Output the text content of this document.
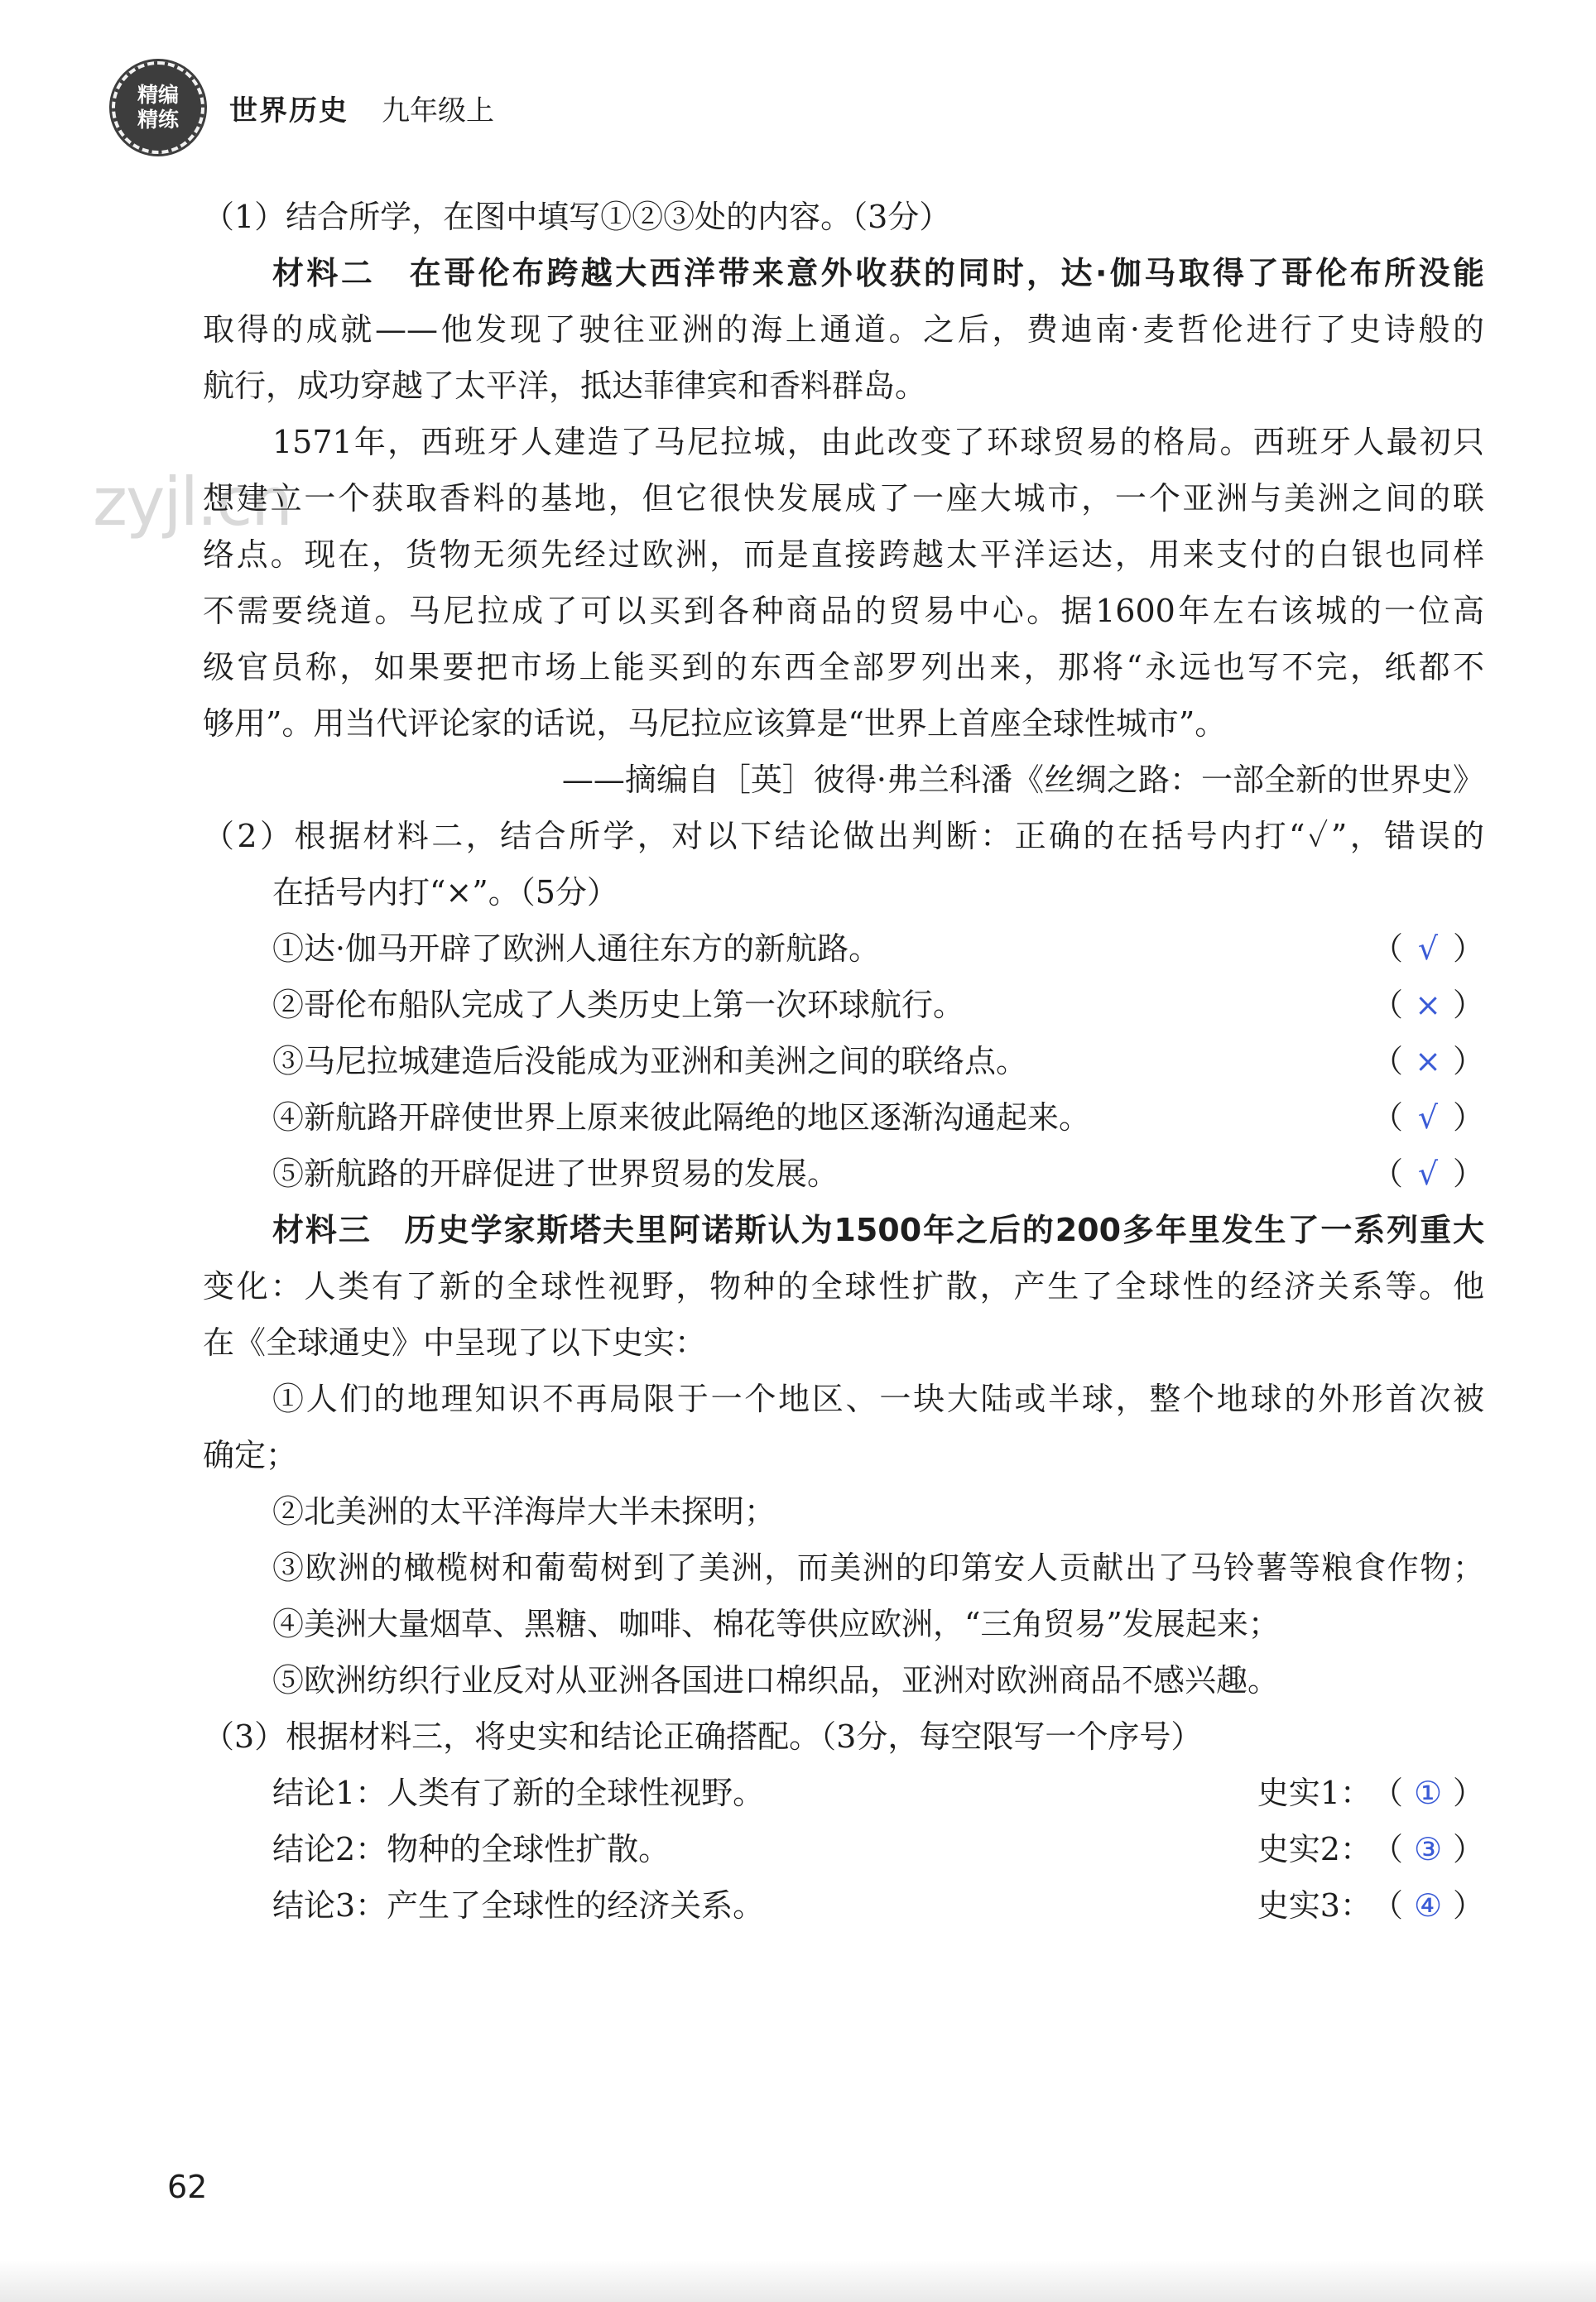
精编
精练 世界历史 九年级上
zyjl.cn
（1）结合所学，在图中填写①②③处的内容。（3分）
材料二　在哥伦布跨越大西洋带来意外收获的同时，达·伽马取得了哥伦布所没能
取得的成就——他发现了驶往亚洲的海上通道。之后，费迪南·麦哲伦进行了史诗般的
航行，成功穿越了太平洋，抵达菲律宾和香料群岛。
1571年，西班牙人建造了马尼拉城，由此改变了环球贸易的格局。西班牙人最初只
想建立一个获取香料的基地，但它很快发展成了一座大城市，一个亚洲与美洲之间的联
络点。现在，货物无须先经过欧洲，而是直接跨越太平洋运达，用来支付的白银也同样
不需要绕道。马尼拉成了可以买到各种商品的贸易中心。据1600年左右该城的一位高
级官员称，如果要把市场上能买到的东西全部罗列出来，那将“永远也写不完，纸都不
够用”。用当代评论家的话说，马尼拉应该算是“世界上首座全球性城市”。
——摘编自［英］彼得·弗兰科潘《丝绸之路：一部全新的世界史》
（2）根据材料二，结合所学，对以下结论做出判断：正确的在括号内打“✓”，错误的
在括号内打“×”。（5分）
①达·伽马开辟了欧洲人通往东方的新航路。	（ √ ）
②哥伦布船队完成了人类历史上第一次环球航行。	（ × ）
③马尼拉城建造后没能成为亚洲和美洲之间的联络点。	（ × ）
④新航路开辟使世界上原来彼此隔绝的地区逐渐沟通起来。	（ √ ）
⑤新航路的开辟促进了世界贸易的发展。	（ √ ）
材料三　历史学家斯塔夫里阿诺斯认为1500年之后的200多年里发生了一系列重大
变化：人类有了新的全球性视野，物种的全球性扩散，产生了全球性的经济关系等。他
在《全球通史》中呈现了以下史实：
①人们的地理知识不再局限于一个地区、一块大陆或半球，整个地球的外形首次被
确定；
②北美洲的太平洋海岸大半未探明；
③欧洲的橄榄树和葡萄树到了美洲，而美洲的印第安人贡献出了马铃薯等粮食作物；
④美洲大量烟草、黑糖、咖啡、棉花等供应欧洲，“三角贸易”发展起来；
⑤欧洲纺织行业反对从亚洲各国进口棉织品，亚洲对欧洲商品不感兴趣。
（3）根据材料三，将史实和结论正确搭配。（3分，每空限写一个序号）
结论1：人类有了新的全球性视野。	史实1： （ ① ）
结论2：物种的全球性扩散。	史实2： （ ③ ）
结论3：产生了全球性的经济关系。	史实3： （ ④ ）
62
